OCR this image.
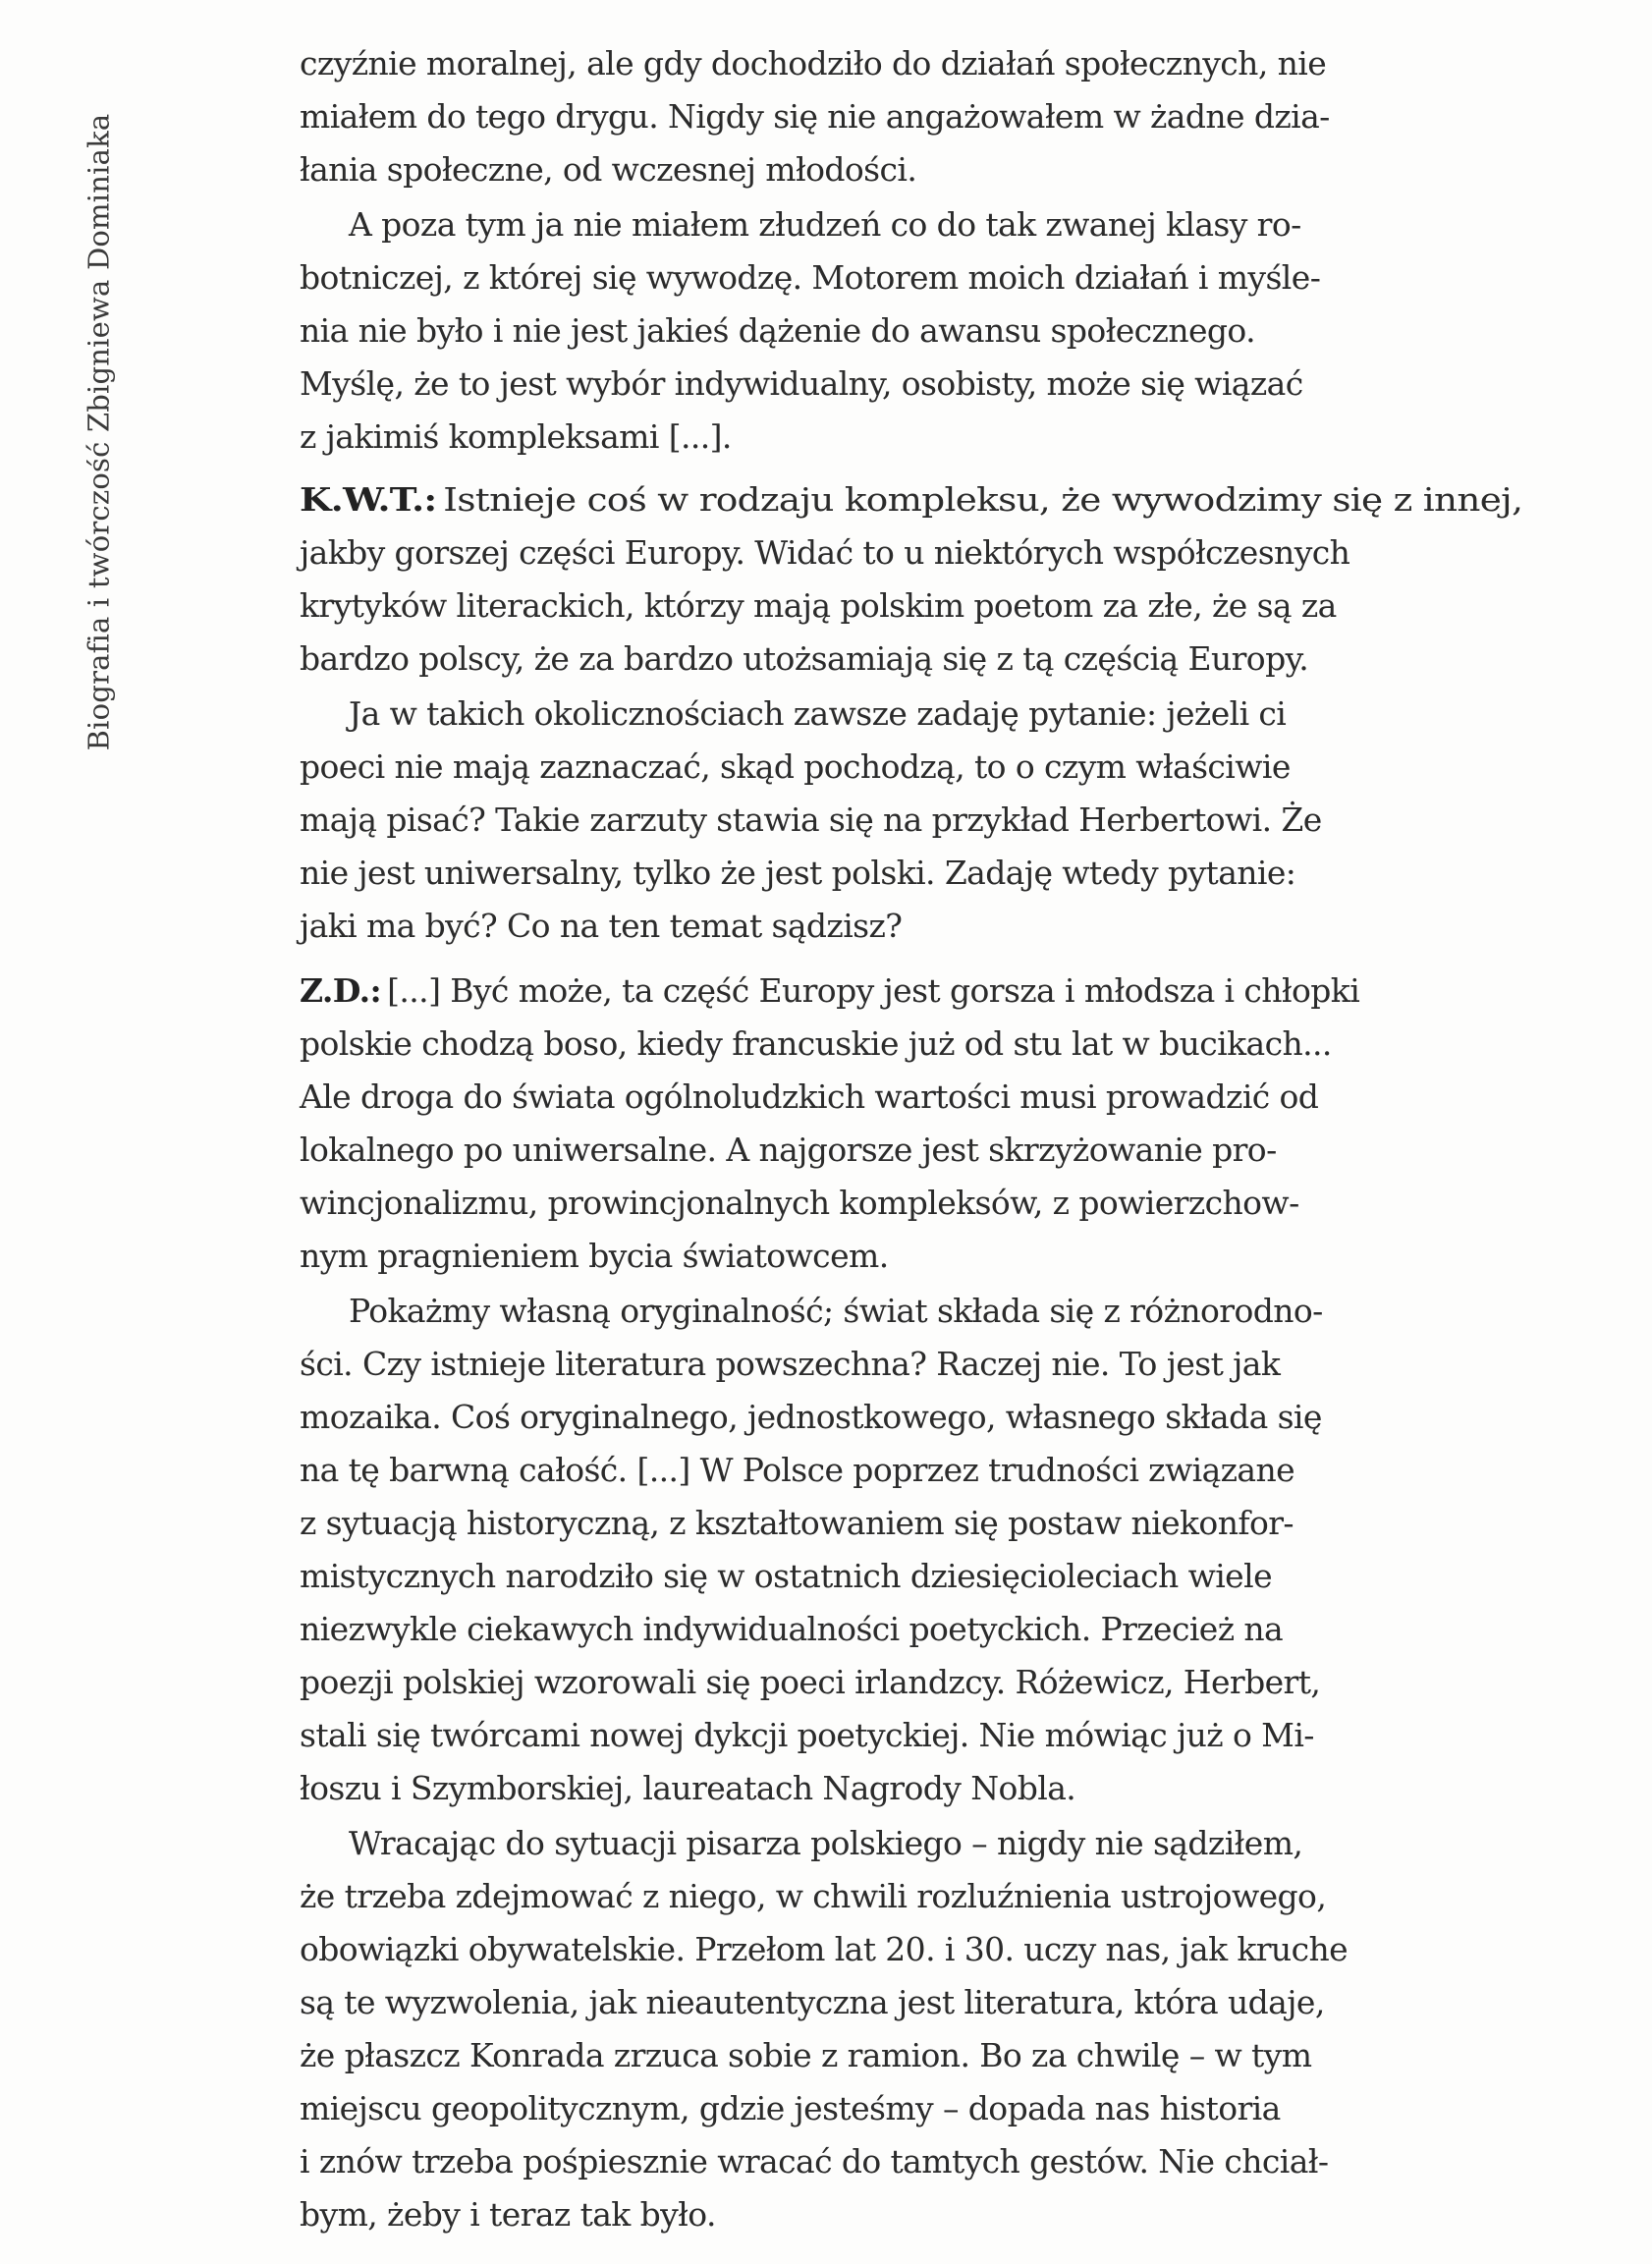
Biografia i twórczość Zbigniewa Dominiaka
czyźnie moralnej, ale gdy dochodziło do działań społecznych, nie
miałem do tego drygu. Nigdy się nie angażowałem w żadne dzia-
łania społeczne, od wczesnej młodości.
A poza tym ja nie miałem złudzeń co do tak zwanej klasy ro-
botniczej, z której się wywodzę. Motorem moich działań i myśle-
nia nie było i nie jest jakieś dążenie do awansu społecznego.
Myślę, że to jest wybór indywidualny, osobisty, może się wiązać
z jakimiś kompleksami [...].
K.W.T.: Istnieje coś w rodzaju kompleksu, że wywodzimy się z innej,
jakby gorszej części Europy. Widać to u niektórych współczesnych
krytyków literackich, którzy mają polskim poetom za złe, że są za
bardzo polscy, że za bardzo utożsamiają się z tą częścią Europy.
Ja w takich okolicznościach zawsze zadaję pytanie: jeżeli ci
poeci nie mają zaznaczać, skąd pochodzą, to o czym właściwie
mają pisać? Takie zarzuty stawia się na przykład Herbertowi. Że
nie jest uniwersalny, tylko że jest polski. Zadaję wtedy pytanie:
jaki ma być? Co na ten temat sądzisz?
Z.D.: [...] Być może, ta część Europy jest gorsza i młodsza i chłopki
polskie chodzą boso, kiedy francuskie już od stu lat w bucikach...
Ale droga do świata ogólnoludzkich wartości musi prowadzić od
lokalnego po uniwersalne. A najgorsze jest skrzyżowanie pro-
wincjonalizmu, prowincjonalnych kompleksów, z powierzchow-
nym pragnieniem bycia światowcem.
Pokażmy własną oryginalność; świat składa się z różnorodno-
ści. Czy istnieje literatura powszechna? Raczej nie. To jest jak
mozaika. Coś oryginalnego, jednostkowego, własnego składa się
na tę barwną całość. [...] W Polsce poprzez trudności związane
z sytuacją historyczną, z kształtowaniem się postaw niekonfor-
mistycznych narodziło się w ostatnich dziesięcioleciach wiele
niezwykle ciekawych indywidualności poetyckich. Przecież na
poezji polskiej wzorowali się poeci irlandzcy. Różewicz, Herbert,
stali się twórcami nowej dykcji poetyckiej. Nie mówiąc już o Mi-
łoszu i Szymborskiej, laureatach Nagrody Nobla.
Wracając do sytuacji pisarza polskiego – nigdy nie sądziłem,
że trzeba zdejmować z niego, w chwili rozluźnienia ustrojowego,
obowiązki obywatelskie. Przełom lat 20. i 30. uczy nas, jak kruche
są te wyzwolenia, jak nieautentyczna jest literatura, która udaje,
że płaszcz Konrada zrzuca sobie z ramion. Bo za chwilę – w tym
miejscu geopolitycznym, gdzie jesteśmy – dopada nas historia
i znów trzeba pośpiesznie wracać do tamtych gestów. Nie chciał-
bym, żeby i teraz tak było.
